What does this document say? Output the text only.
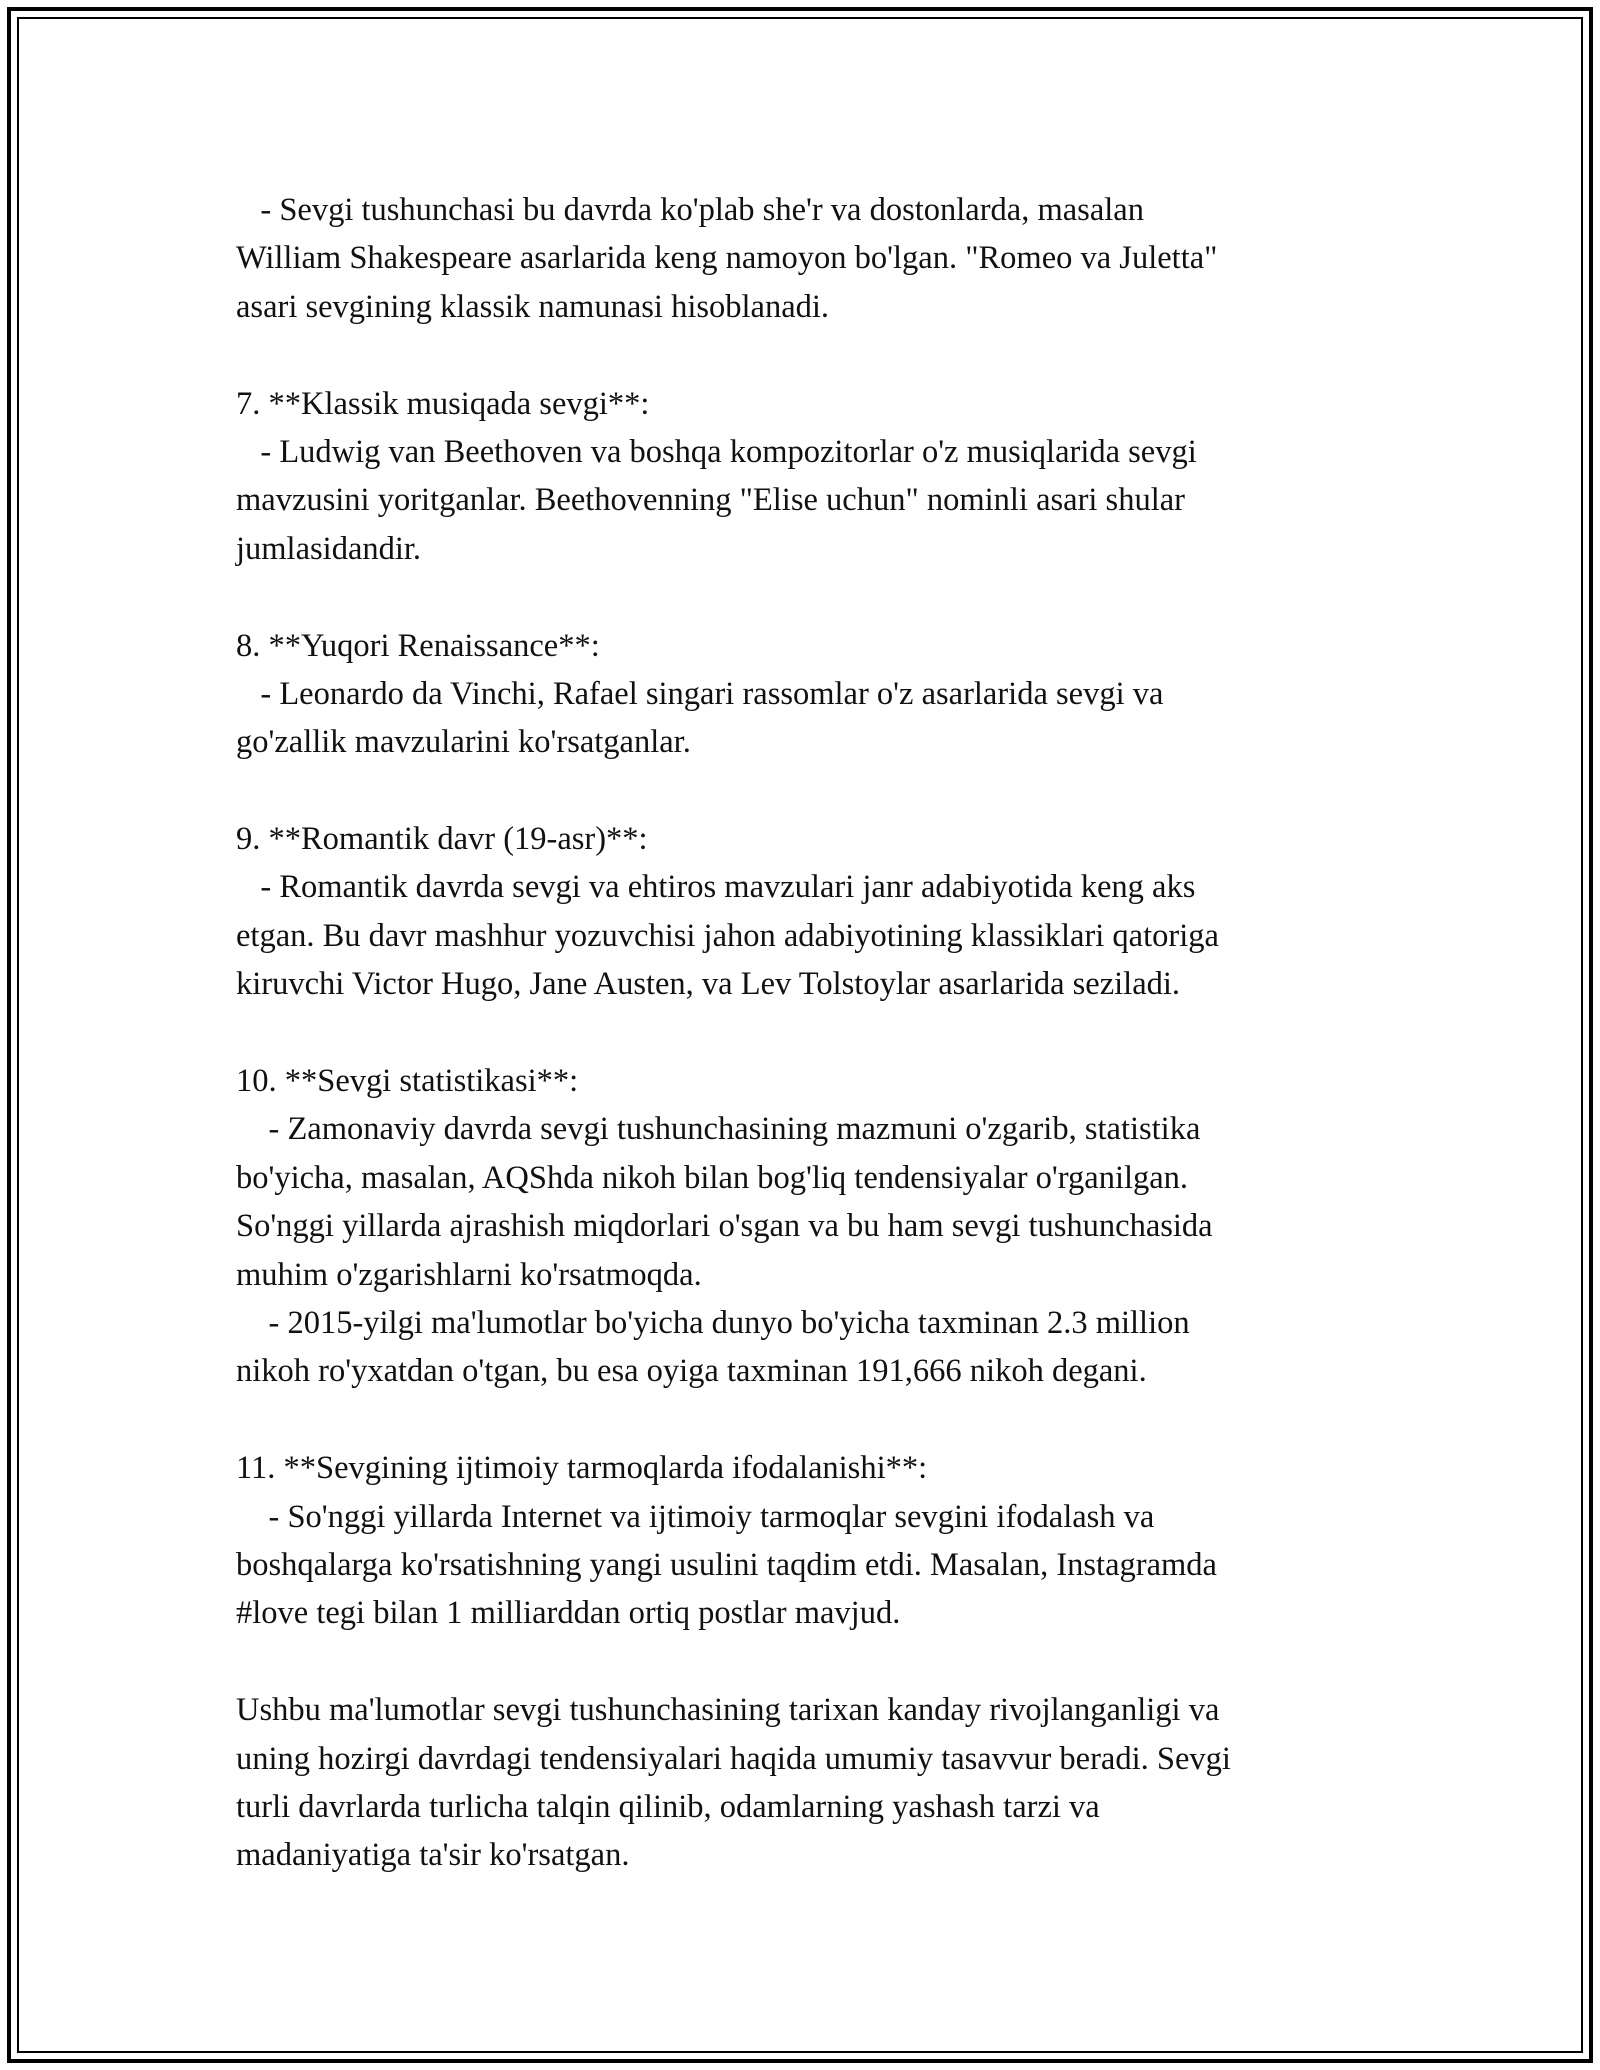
- Sevgi tushunchasi bu davrda ko'plab she'r va dostonlarda, masalan
William Shakespeare asarlarida keng namoyon bo'lgan. "Romeo va Juletta"
asari sevgining klassik namunasi hisoblanadi.
7. **Klassik musiqada sevgi**:
- Ludwig van Beethoven va boshqa kompozitorlar o'z musiqlarida sevgi
mavzusini yoritganlar. Beethovenning "Elise uchun" nominli asari shular
jumlasidandir.
8. **Yuqori Renaissance**:
- Leonardo da Vinchi, Rafael singari rassomlar o'z asarlarida sevgi va
go'zallik mavzularini ko'rsatganlar.
9. **Romantik davr (19-asr)**:
- Romantik davrda sevgi va ehtiros mavzulari janr adabiyotida keng aks
etgan. Bu davr mashhur yozuvchisi jahon adabiyotining klassiklari qatoriga
kiruvchi Victor Hugo, Jane Austen, va Lev Tolstoylar asarlarida seziladi.
10. **Sevgi statistikasi**:
- Zamonaviy davrda sevgi tushunchasining mazmuni o'zgarib, statistika
bo'yicha, masalan, AQShda nikoh bilan bog'liq tendensiyalar o'rganilgan.
So'nggi yillarda ajrashish miqdorlari o'sgan va bu ham sevgi tushunchasida
muhim o'zgarishlarni ko'rsatmoqda.
- 2015-yilgi ma'lumotlar bo'yicha dunyo bo'yicha taxminan 2.3 million
nikoh ro'yxatdan o'tgan, bu esa oyiga taxminan 191,666 nikoh degani.
11. **Sevgining ijtimoiy tarmoqlarda ifodalanishi**:
- So'nggi yillarda Internet va ijtimoiy tarmoqlar sevgini ifodalash va
boshqalarga ko'rsatishning yangi usulini taqdim etdi. Masalan, Instagramda
#love tegi bilan 1 milliarddan ortiq postlar mavjud.
Ushbu ma'lumotlar sevgi tushunchasining tarixan kanday rivojlanganligi va
uning hozirgi davrdagi tendensiyalari haqida umumiy tasavvur beradi. Sevgi
turli davrlarda turlicha talqin qilinib, odamlarning yashash tarzi va
madaniyatiga ta'sir ko'rsatgan.
